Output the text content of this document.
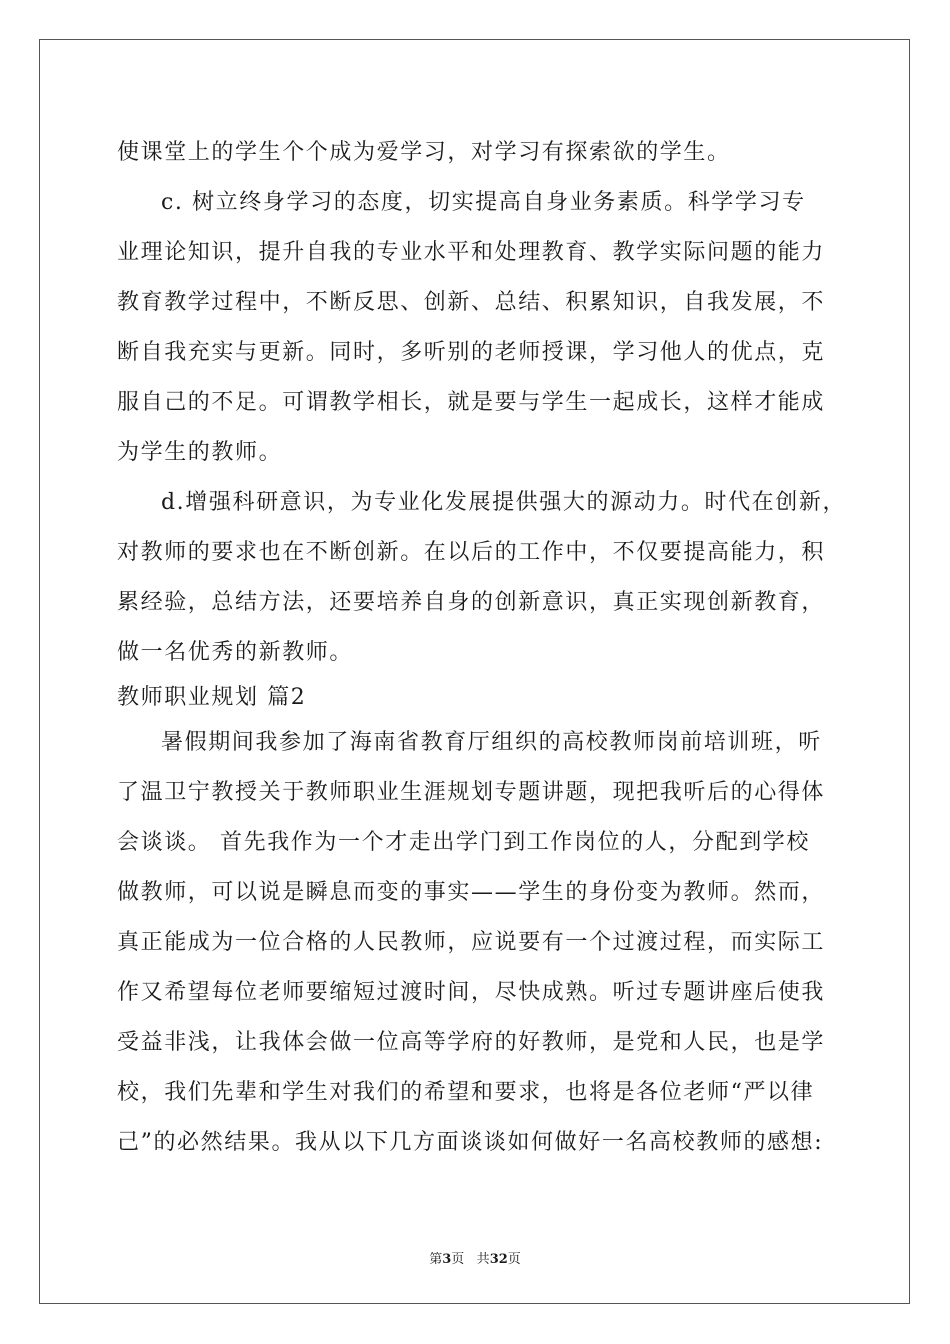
使课堂上的学生个个成为爱学习，对学习有探索欲的学生。
c. 树立终身学习的态度，切实提高自身业务素质。科学学习专
业理论知识，提升自我的专业水平和处理教育、教学实际问题的能力
教育教学过程中，不断反思、创新、总结、积累知识，自我发展，不
断自我充实与更新。同时，多听别的老师授课，学习他人的优点，克
服自己的不足。可谓教学相长，就是要与学生一起成长，这样才能成
为学生的教师。
d.增强科研意识，为专业化发展提供强大的源动力。时代在创新，
对教师的要求也在不断创新。在以后的工作中，不仅要提高能力，积
累经验，总结方法，还要培养自身的创新意识，真正实现创新教育，
做一名优秀的新教师。
教师职业规划 篇2
暑假期间我参加了海南省教育厅组织的高校教师岗前培训班，听
了温卫宁教授关于教师职业生涯规划专题讲题，现把我听后的心得体
会谈谈。 首先我作为一个才走出学门到工作岗位的人，分配到学校
做教师，可以说是瞬息而变的事实——学生的身份变为教师。然而，
真正能成为一位合格的人民教师，应说要有一个过渡过程，而实际工
作又希望每位老师要缩短过渡时间，尽快成熟。听过专题讲座后使我
受益非浅，让我体会做一位高等学府的好教师，是党和人民，也是学
校，我们先辈和学生对我们的希望和要求，也将是各位老师“严以律
己”的必然结果。我从以下几方面谈谈如何做好一名高校教师的感想:
第3页 共32页
